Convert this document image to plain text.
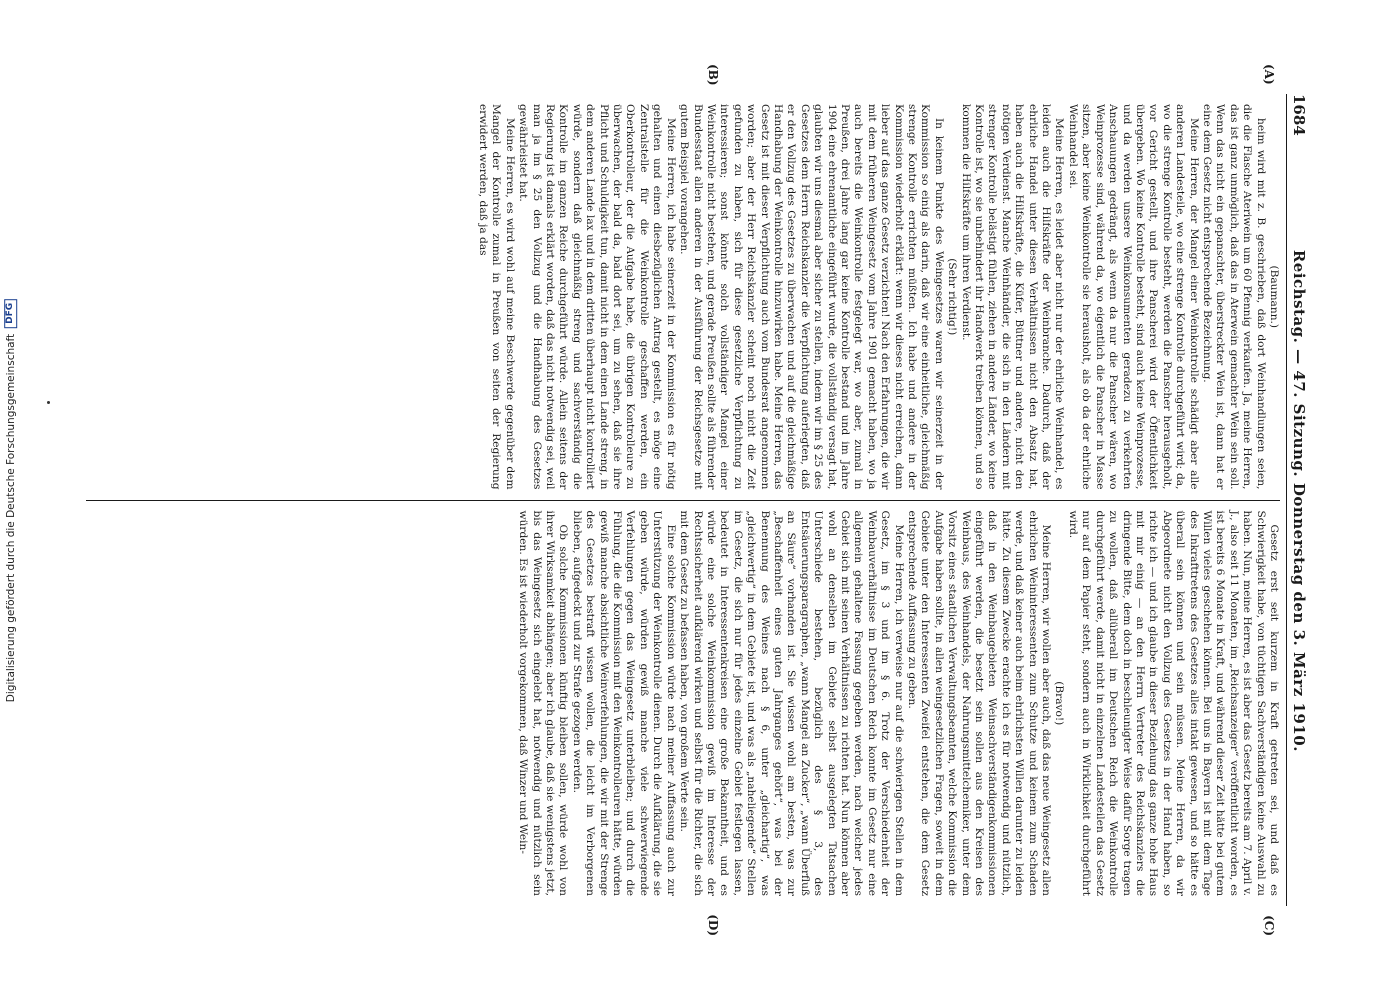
Digitalisierung gefördert durch die Deutsche Forschungsgemeinschaft
DFG
1684
Reichstag. — 47. Sitzung. Donnerstag den 3. März 1910.
(A)
(B)

(Baumann.)

heim wird mit z. B. geschrieben, daß dort Weinhandlungen seien, die die Flasche Ateriwein um 60 Pfennig verkaufen. Ja, meine Herren, das ist ganz unmöglich, daß das in Aterwein gemachter Wein sein soll. Wenn das nicht ein gepanschter, überstreckter Wein ist, dann hat er eine dem Gesetz nicht entsprechende Bezeichnung.

Meine Herren, der Mangel einer Weinkontrolle schädigt aber alle anderen Landesteile, wo eine strenge Kontrolle durchgeführt wird; da, wo die strenge Kontrolle besteht, werden die Panscher herausgeholt, vor Gericht gestellt, und ihre Panscherei wird der Öffentlichkeit übergeben. Wo keine Kontrolle besteht, sind auch keine Weinprozesse, und da werden unsere Weinkonsumenten geradezu zu verkehrten Anschauungen gedrängt, als wenn da nur die Panscher wären, wo Weinprozesse sind, während da, wo eigentlich die Panscher in Masse sitzen, aber keine Weinkontrolle sie herausholt, als ob da der ehrliche Weinhandel sei.

Meine Herren, es leidet aber nicht nur der ehrliche Weinhandel, es leiden auch die Hilfskräfte der Weinbranche. Dadurch, daß der ehrliche Handel unter diesen Verhältnissen nicht den Absatz hat, haben auch die Hilfskräfte, die Küfer, Büttner und andere, nicht den nötigen Verdienst. Manche Weinhändler, die sich in den Ländern mit strenger Kontrolle belästigt fühlen, ziehen in andere Länder, wo keine Kontrolle ist, wo sie unbehindert ihr Handwerk treiben können, und so kommen die Hilfskräfte um ihren Verdienst.

(Sehr richtig!)

In keinem Punkte des Weingesetzes waren wir seinerzeit in der Kommission so einig als darin, daß wir eine einheitliche, gleichmäßig strenge Kontrolle errichten müßten. Ich habe und andere in der Kommission wiederholt erklärt: wenn wir dieses nicht erreichen, dann lieber auf das ganze Gesetz verzichten! Nach den Erfahrungen, die wir mit dem früheren Weingesetz vom Jahre 1901 gemacht haben, wo ja auch bereits die Weinkontrolle festgelegt war, wo aber, zumal in Preußen, drei Jahre lang gar keine Kontrolle bestand und im Jahre 1904 eine ehrenamtliche eingeführt wurde, die vollständig versagt hat, glaubten wir uns diesmal aber sicher zu stellen, indem wir im § 25 des Gesetzes dem Herrn Reichskanzler die Verpflichtung auferlegten, daß er den Vollzug des Gesetzes zu überwachen und auf die gleichmäßige Handhabung der Weinkontrolle hinzuwirken habe. Meine Herren, das Gesetz ist mit dieser Verpflichtung auch vom Bundesrat angenommen worden; aber der Herr Reichskanzler scheint noch nicht die Zeit gefunden zu haben, sich für diese gesetzliche Verpflichtung zu interessieren; sonst könnte solch vollständiger Mangel einer Weinkontrolle nicht bestehen, und gerade Preußen sollte als führender Bundesstaat allen anderen in der Ausführung der Reichsgesetze mit gutem Beispiel vorangehen.

Meine Herren, ich habe seinerzeit in der Kommission es für nötig gehalten und einen diesbezüglichen Antrag gestellt, es möge eine Zentralstelle für die Weinkontrolle geschaffen werden, ein Oberkontrolleur, der die Aufgabe habe, die übrigen Kontrolleure zu überwachen, der bald da, bald dort sei, um zu sehen, daß sie ihre Pflicht und Schuldigkeit tun, damit nicht in dem einen Lande streng, in dem anderen Lande lax und in dem dritten überhaupt nicht kontrolliert würde, sondern daß gleichmäßig streng und sachverständig die Kontrolle im ganzen Reiche durchgeführt würde. Allein seitens der Regierung ist damals erklärt worden, daß das nicht notwendig sei, weil man ja im § 25 den Vollzug und die Handhabung des Gesetzes gewährleistet hat.

Meine Herren, es wird wohl auf meine Beschwerde gegenüber dem Mangel der Kontrolle zumal in Preußen von seiten der Regierung erwidert werden, daß ja das

Gesetz erst seit kurzem in Kraft getreten sei, und daß es Schwierigkeit habe, von tüchtigen Sachverständigen keine Auswahl zu haben. Nun, meine Herren, es ist aber das Gesetz bereits am 7. April v. J., also seit 11 Monaten, im „Reichsanzeiger“ veröffentlicht worden, es ist bereits 6 Monate in Kraft, und während dieser Zeit hätte bei gutem Willen vieles geschehen können. Bei uns in Bayern ist mit dem Tage des Inkrafttretens des Gesetzes alles intakt gewesen, und so hätte es überall sein können und sein müssen. Meine Herren, da wir Abgeordnete nicht den Vollzug des Gesetzes in der Hand haben, so richte ich — und ich glaube in dieser Beziehung das ganze hohe Haus mit mir einig — an den Herrn Vertreter des Reichskanzlers die dringende Bitte, dem doch in beschleunigter Weise dafür Sorge tragen zu wollen, daß allüberall im Deutschen Reich die Weinkontrolle durchgeführt werde, damit nicht in einzelnen Landesteilen das Gesetz nur auf dem Papier steht, sondern auch in Wirklichkeit durchgeführt wird.

(Bravo!)

Meine Herren, wir wollen aber auch, daß das neue Weingesetz allen ehrlichen Weininteressenten zum Schutze und keinem zum Schaden werde, und daß keiner auch beim ehrlichsten Willen darunter zu leiden hätte. Zu diesem Zwecke erachte ich es für notwendig und nützlich, daß in den Weinbaugebieten Weinsachverständigenkommissionen eingeführt werden, die besetzt sein sollen aus den Kreisen des Weinbaus, des Weinhandels, der Nahrungsmittelchemiker, unter dem Vorsitz eines staatlichen Verwaltungsbeamten, welche Kommission die Aufgabe haben sollte, in allen weingesetzlichen Fragen, soweit in dem Gebiete unter den Interessenten Zweifel entstehen, die dem Gesetz entsprechende Auffassung zu geben.

Meine Herren, ich verweise nur auf die schwierigen Stellen in dem Gesetz, im § 3 und im § 6. Trotz der Verschiedenheit der Weinbauverhältnisse im Deutschen Reich konnte im Gesetz nur eine allgemein gehaltene Fassung gegeben werden, nach welcher jedes Gebiet sich mit seinen Verhältnissen zu richten hat. Nun können aber wohl an denselben im Gebiete selbst ausgelegten Tatsachen Unterschiede bestehen, bezüglich des § 3, des Entsäuerungsparagraphen, „wann Mangel an Zucker“, „wann Überfluß an Säure“ vorhanden ist. Sie wissen wohl am besten, was zur „Beschaffenheit eines guten Jahrganges gehört“, was bei der Benennung des Weines nach § 6, unter „gleichartig“, was „gleichwertig“ in dem Gebiete ist, und was als „naheliegende“ Stellen im Gesetz, die sich nur für jedes einzelne Gebiet festlegen lassen, bedeutet in Interessentenkreisen eine große Bekanntheit, und es würde eine solche Weinkommission gewiß im Interesse der Rechtssicherheit aufklärend wirken und selbst für die Richter, die sich mit dem Gesetz zu befassen haben, von großem Werte sein.

Eine solche Kommission würde nach meiner Auffassung auch zur Unterstützung der Weinkontrolle dienen. Durch die Aufklärung, die sie geben würde, würden gewiß manche viele schwerwiegende Verfehlungen gegen das Weingesetz unterbleiben; und durch die Fühlung, die die Kommission mit den Weinkontrolleuren hätte, würden gewiß manche absichtliche Weinverfehlungen, die wir mit der Strenge des Gesetzes bestraft wissen wollen, die leicht im Verborgenen blieben, aufgedeckt und zur Strafe gezogen werden.

Ob solche Kommissionen künftig bleiben sollen, würde wohl von ihrer Wirksamkeit abhängen; aber ich glaube, daß sie wenigstens jetzt, bis das Weingesetz sich eingelebt hat, notwendig und nützlich sein würden. Es ist wiederholt vorgekommen, daß Winzer und Wein-

(C)
(D)
